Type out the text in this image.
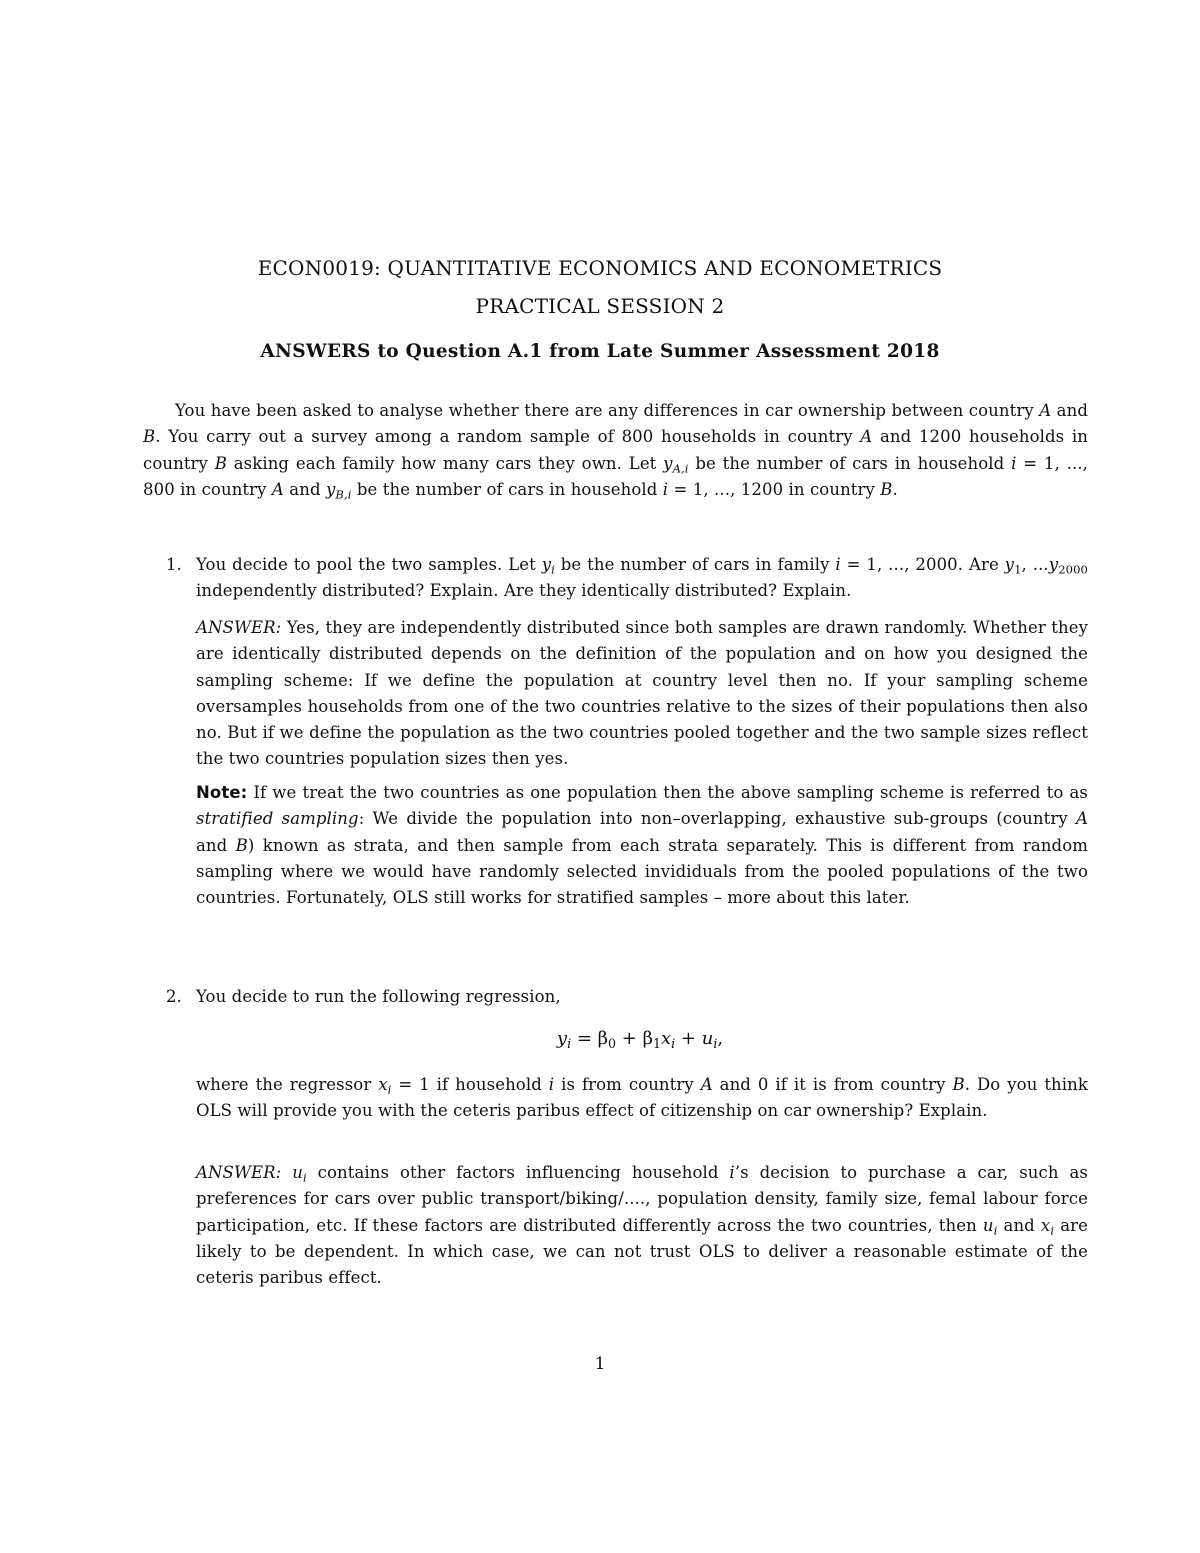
ECON0019: QUANTITATIVE ECONOMICS AND ECONOMETRICS
PRACTICAL SESSION 2
ANSWERS to Question A.1 from Late Summer Assessment 2018

You have been asked to analyse whether there are any differences in car ownership between country A and B. You carry out a survey among a random sample of 800 households in country A and 1200 households in country B asking each family how many cars they own. Let $y_{A,i}$ be the number of cars in household i = 1, ..., 800 in country A and $y_{B,i}$ be the number of cars in household i = 1, ..., 1200 in country B.

1. You decide to pool the two samples. Let $y_i$ be the number of cars in family i = 1, ..., 2000. Are $y_1$, $...y_{2000}$ independently distributed? Explain. Are they identically distributed? Explain.

ANSWER: Yes, they are independently distributed since both samples are drawn randomly. Whether they are identically distributed depends on the definition of the population and on how you designed the sampling scheme: If we define the population at country level then no. If your sampling scheme oversamples households from one of the two countries relative to the sizes of their populations then also no. But if we define the population as the two countries pooled together and the two sample sizes reflect the two countries population sizes then yes.

Note: If we treat the two countries as one population then the above sampling scheme is referred to as stratified sampling: We divide the population into non–overlapping, exhaustive sub-groups (country A and B) known as strata, and then sample from each strata separately. This is different from random sampling where we would have randomly selected invididuals from the pooled populations of the two countries. Fortunately, OLS still works for stratified samples – more about this later.

2. You decide to run the following regression,

$y_i = \beta_0 + \beta_1x_i + u_i$,

where the regressor $x_i = 1$ if household i is from country A and 0 if it is from country B. Do you think OLS will provide you with the ceteris paribus effect of citizenship on car ownership? Explain.

ANSWER: $u_i$ contains other factors influencing household i’s decision to purchase a car, such as preferences for cars over public transport/biking/...., population density, family size, femal labour force participation, etc. If these factors are distributed differently across the two countries, then $u_i$ and $x_i$ are likely to be dependent. In which case, we can not trust OLS to deliver a reasonable estimate of the ceteris paribus effect.

1
